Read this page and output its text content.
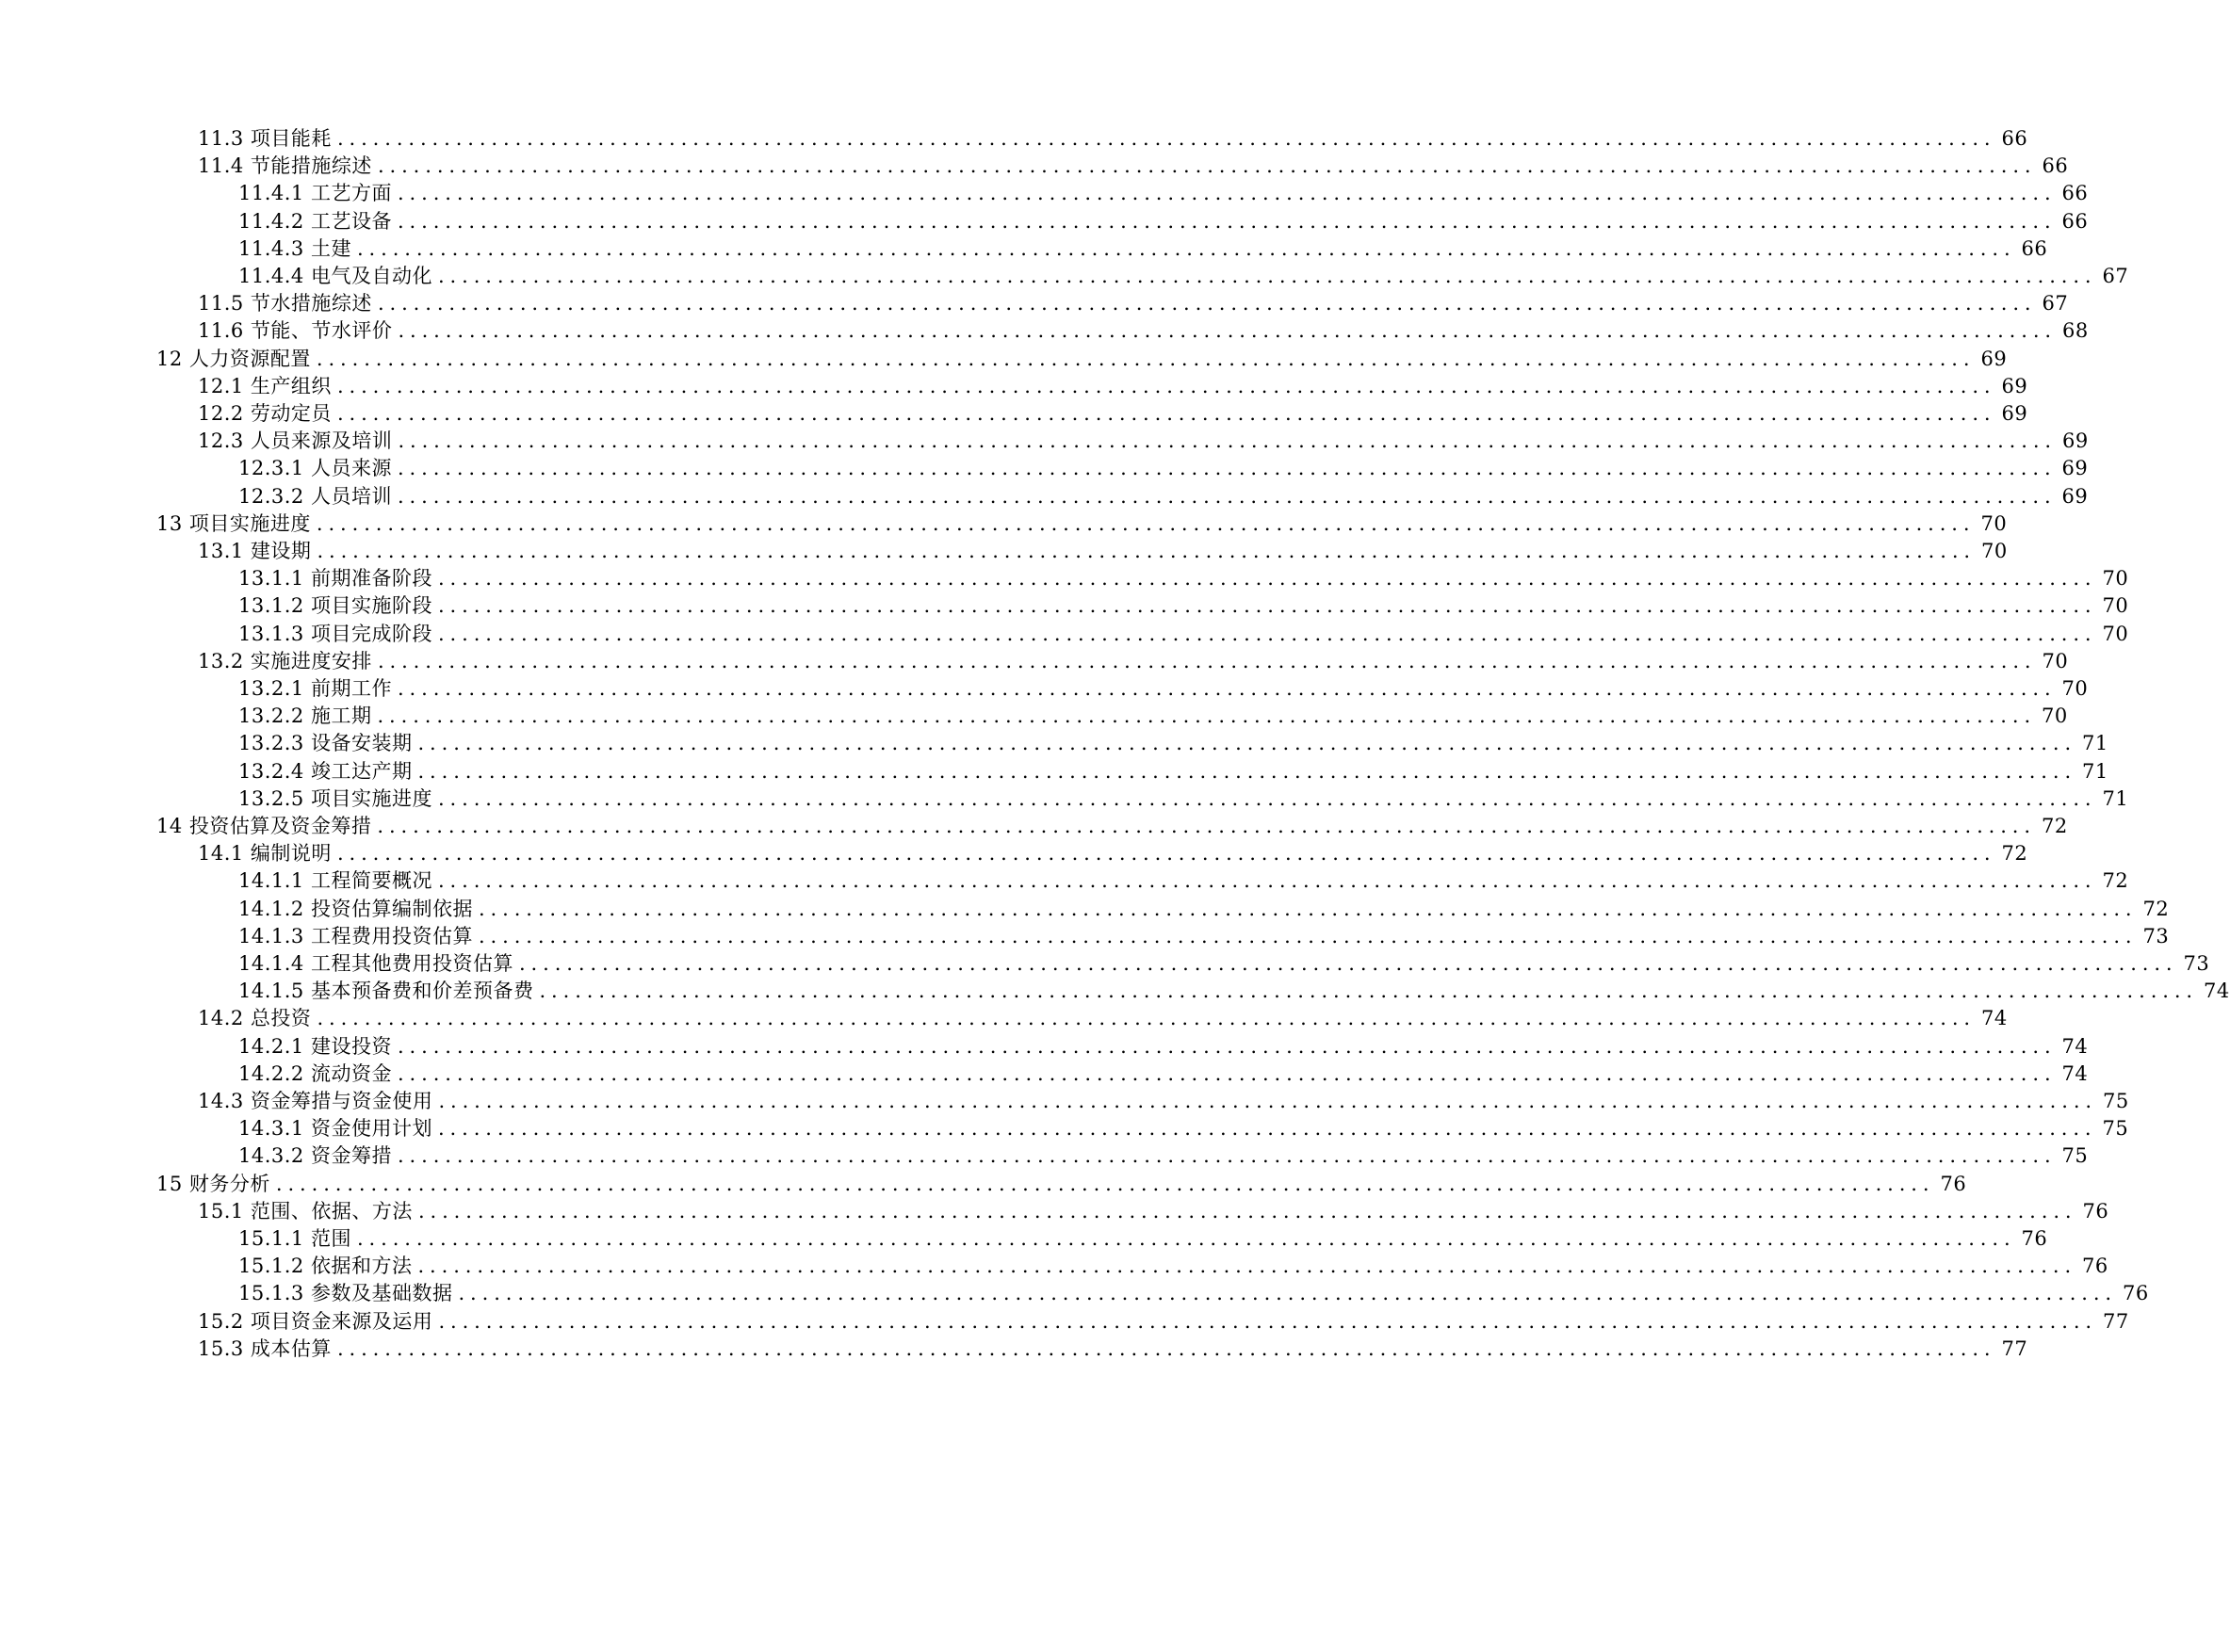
11.3 项目能耗 ............................................................................................................................................ 66
11.4 节能措施综述 ............................................................................................................................................ 66
11.4.1 工艺方面 ............................................................................................................................................ 66
11.4.2 工艺设备 ............................................................................................................................................ 66
11.4.3 土建 ............................................................................................................................................ 66
11.4.4 电气及自动化 ............................................................................................................................................ 67
11.5 节水措施综述 ............................................................................................................................................ 67
11.6 节能、节水评价 ............................................................................................................................................ 68
12 人力资源配置 ............................................................................................................................................ 69
12.1 生产组织 ............................................................................................................................................ 69
12.2 劳动定员 ............................................................................................................................................ 69
12.3 人员来源及培训 ............................................................................................................................................ 69
12.3.1 人员来源 ............................................................................................................................................ 69
12.3.2 人员培训 ............................................................................................................................................ 69
13 项目实施进度 ............................................................................................................................................ 70
13.1 建设期 ............................................................................................................................................ 70
13.1.1 前期准备阶段 ............................................................................................................................................ 70
13.1.2 项目实施阶段 ............................................................................................................................................ 70
13.1.3 项目完成阶段 ............................................................................................................................................ 70
13.2 实施进度安排 ............................................................................................................................................ 70
13.2.1 前期工作 ............................................................................................................................................ 70
13.2.2 施工期 ............................................................................................................................................ 70
13.2.3 设备安装期 ............................................................................................................................................ 71
13.2.4 竣工达产期 ............................................................................................................................................ 71
13.2.5 项目实施进度 ............................................................................................................................................ 71
14 投资估算及资金筹措 ............................................................................................................................................ 72
14.1 编制说明 ............................................................................................................................................ 72
14.1.1 工程简要概况 ............................................................................................................................................ 72
14.1.2 投资估算编制依据 ............................................................................................................................................ 72
14.1.3 工程费用投资估算 ............................................................................................................................................ 73
14.1.4 工程其他费用投资估算 ............................................................................................................................................ 73
14.1.5 基本预备费和价差预备费 ............................................................................................................................................ 74
14.2 总投资 ............................................................................................................................................ 74
14.2.1 建设投资 ............................................................................................................................................ 74
14.2.2 流动资金 ............................................................................................................................................ 74
14.3 资金筹措与资金使用 ............................................................................................................................................ 75
14.3.1 资金使用计划 ............................................................................................................................................ 75
14.3.2 资金筹措 ............................................................................................................................................ 75
15 财务分析 ............................................................................................................................................ 76
15.1 范围、依据、方法 ............................................................................................................................................ 76
15.1.1 范围 ............................................................................................................................................ 76
15.1.2 依据和方法 ............................................................................................................................................ 76
15.1.3 参数及基础数据 ............................................................................................................................................ 76
15.2 项目资金来源及运用 ............................................................................................................................................ 77
15.3 成本估算 ............................................................................................................................................ 77
